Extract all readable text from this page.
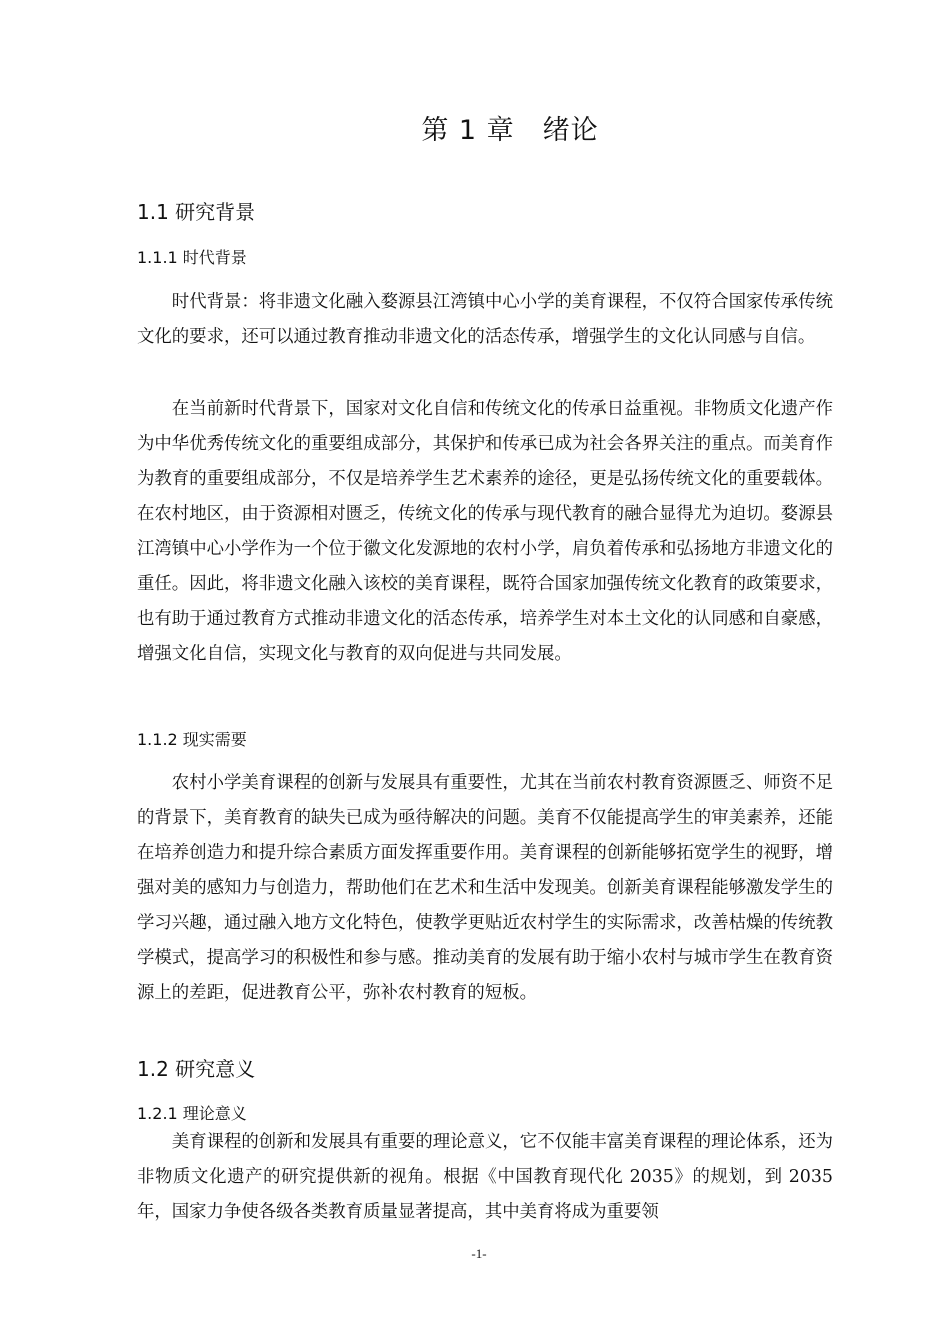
第 1 章　绪论
1.1 研究背景
1.1.1 时代背景

时代背景：将非遗文化融入婺源县江湾镇中心小学的美育课程，不仅符合国家传承传统文化的要求，还可以通过教育推动非遗文化的活态传承，增强学生的文化认同感与自信。

在当前新时代背景下，国家对文化自信和传统文化的传承日益重视。非物质文化遗产作为中华优秀传统文化的重要组成部分，其保护和传承已成为社会各界关注的重点。而美育作为教育的重要组成部分，不仅是培养学生艺术素养的途径，更是弘扬传统文化的重要载体。在农村地区，由于资源相对匮乏，传统文化的传承与现代教育的融合显得尤为迫切。婺源县江湾镇中心小学作为一个位于徽文化发源地的农村小学，肩负着传承和弘扬地方非遗文化的重任。因此，将非遗文化融入该校的美育课程，既符合国家加强传统文化教育的政策要求，也有助于通过教育方式推动非遗文化的活态传承，培养学生对本土文化的认同感和自豪感，增强文化自信，实现文化与教育的双向促进与共同发展。

1.1.2 现实需要

农村小学美育课程的创新与发展具有重要性，尤其在当前农村教育资源匮乏、师资不足的背景下，美育教育的缺失已成为亟待解决的问题。美育不仅能提高学生的审美素养，还能在培养创造力和提升综合素质方面发挥重要作用。美育课程的创新能够拓宽学生的视野，增强对美的感知力与创造力，帮助他们在艺术和生活中发现美。创新美育课程能够激发学生的学习兴趣，通过融入地方文化特色，使教学更贴近农村学生的实际需求，改善枯燥的传统教学模式，提高学习的积极性和参与感。推动美育的发展有助于缩小农村与城市学生在教育资源上的差距，促进教育公平，弥补农村教育的短板。

1.2 研究意义
1.2.1 理论意义

美育课程的创新和发展具有重要的理论意义，它不仅能丰富美育课程的理论体系，还为非物质文化遗产的研究提供新的视角。根据《中国教育现代化 2035》的规划，到 2035 年，国家力争使各级各类教育质量显著提高，其中美育将成为重要领

-1-
